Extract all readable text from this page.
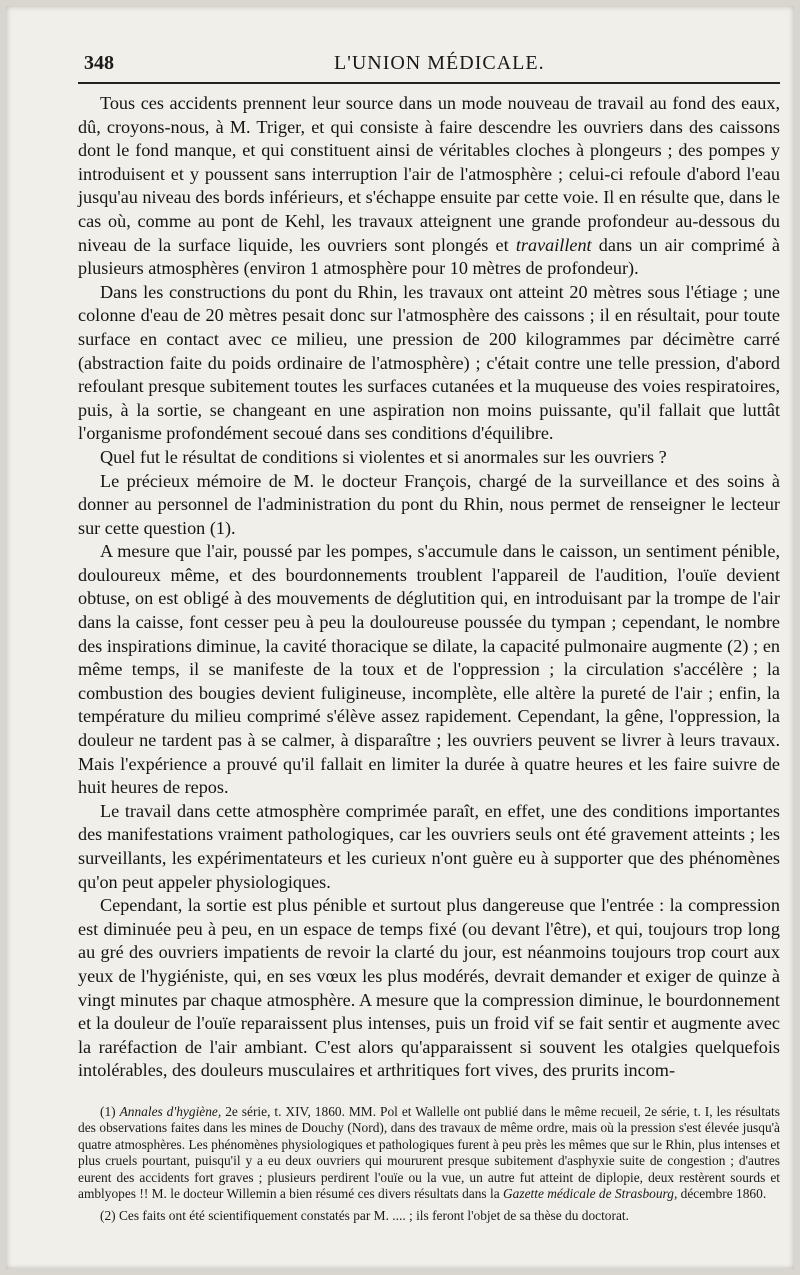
348	L'UNION MÉDICALE.

Tous ces accidents prennent leur source dans un mode nouveau de travail au fond des eaux, dû, croyons-nous, à M. Triger, et qui consiste à faire descendre les ouvriers dans des caissons dont le fond manque, et qui constituent ainsi de véritables cloches à plongeurs ; des pompes y introduisent et y poussent sans interruption l'air de l'atmosphère ; celui-ci refoule d'abord l'eau jusqu'au niveau des bords inférieurs, et s'échappe ensuite par cette voie. Il en résulte que, dans le cas où, comme au pont de Kehl, les travaux atteignent une grande profondeur au-dessous du niveau de la surface liquide, les ouvriers sont plongés et travaillent dans un air comprimé à plusieurs atmosphères (environ 1 atmosphère pour 10 mètres de profondeur).

Dans les constructions du pont du Rhin, les travaux ont atteint 20 mètres sous l'étiage ; une colonne d'eau de 20 mètres pesait donc sur l'atmosphère des caissons ; il en résultait, pour toute surface en contact avec ce milieu, une pression de 200 kilogrammes par décimètre carré (abstraction faite du poids ordinaire de l'atmosphère) ; c'était contre une telle pression, d'abord refoulant presque subitement toutes les surfaces cutanées et la muqueuse des voies respiratoires, puis, à la sortie, se changeant en une aspiration non moins puissante, qu'il fallait que luttât l'organisme profondément secoué dans ses conditions d'équilibre.

Quel fut le résultat de conditions si violentes et si anormales sur les ouvriers ?

Le précieux mémoire de M. le docteur François, chargé de la surveillance et des soins à donner au personnel de l'administration du pont du Rhin, nous permet de renseigner le lecteur sur cette question (1).

A mesure que l'air, poussé par les pompes, s'accumule dans le caisson, un sentiment pénible, douloureux même, et des bourdonnements troublent l'appareil de l'audition, l'ouïe devient obtuse, on est obligé à des mouvements de déglutition qui, en introduisant par la trompe de l'air dans la caisse, font cesser peu à peu la douloureuse poussée du tympan ; cependant, le nombre des inspirations diminue, la cavité thoracique se dilate, la capacité pulmonaire augmente (2) ; en même temps, il se manifeste de la toux et de l'oppression ; la circulation s'accélère ; la combustion des bougies devient fuligineuse, incomplète, elle altère la pureté de l'air ; enfin, la température du milieu comprimé s'élève assez rapidement. Cependant, la gêne, l'oppression, la douleur ne tardent pas à se calmer, à disparaître ; les ouvriers peuvent se livrer à leurs travaux. Mais l'expérience a prouvé qu'il fallait en limiter la durée à quatre heures et les faire suivre de huit heures de repos.

Le travail dans cette atmosphère comprimée paraît, en effet, une des conditions importantes des manifestations vraiment pathologiques, car les ouvriers seuls ont été gravement atteints ; les surveillants, les expérimentateurs et les curieux n'ont guère eu à supporter que des phénomènes qu'on peut appeler physiologiques.

Cependant, la sortie est plus pénible et surtout plus dangereuse que l'entrée : la compression est diminuée peu à peu, en un espace de temps fixé (ou devant l'être), et qui, toujours trop long au gré des ouvriers impatients de revoir la clarté du jour, est néanmoins toujours trop court aux yeux de l'hygiéniste, qui, en ses vœux les plus modérés, devrait demander et exiger de quinze à vingt minutes par chaque atmosphère. A mesure que la compression diminue, le bourdonnement et la douleur de l'ouïe reparaissent plus intenses, puis un froid vif se fait sentir et augmente avec la raréfaction de l'air ambiant. C'est alors qu'apparaissent si souvent les otalgies quelquefois intolérables, des douleurs musculaires et arthritiques fort vives, des prurits incom-

(1) Annales d'hygiène, 2e série, t. XIV, 1860. MM. Pol et Wallelle ont publié dans le même recueil, 2e série, t. I, les résultats des observations faites dans les mines de Douchy (Nord), dans des travaux de même ordre, mais où la pression s'est élevée jusqu'à quatre atmosphères. Les phénomènes physiologiques et pathologiques furent à peu près les mêmes que sur le Rhin, plus intenses et plus cruels pourtant, puisqu'il y a eu deux ouvriers qui moururent presque subitement d'asphyxie suite de congestion ; d'autres eurent des accidents fort graves ; plusieurs perdirent l'ouïe ou la vue, un autre fut atteint de diplopie, deux restèrent sourds et amblyopes !! M. le docteur Willemin a bien résumé ces divers résultats dans la Gazette médicale de Strasbourg, décembre 1860.

(2) Ces faits ont été scientifiquement constatés par M. .... ; ils feront l'objet de sa thèse du doctorat.
